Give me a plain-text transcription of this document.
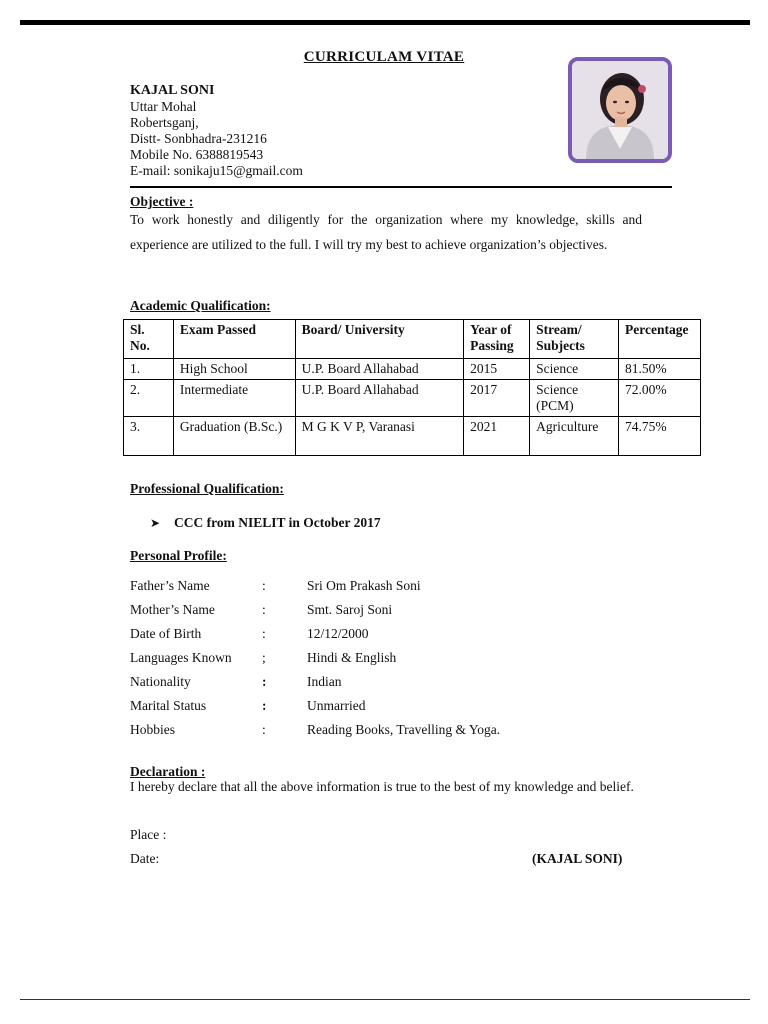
CURRICULAM VITAE
KAJAL SONI
Uttar Mohal
Robertsganj,
Distt- Sonbhadra-231216
Mobile No. 6388819543
E-mail: sonikaju15@gmail.com
Objective :
To work honestly and diligently for the organization where my knowledge, skills and experience are utilized to the full. I will try my best to achieve organization’s objectives.
Academic Qualification:
Sl. No.	Exam Passed	Board/ University	Year of Passing	Stream/ Subjects	Percentage
1.	High School	U.P. Board Allahabad	2015	Science	81.50%
2.	Intermediate	U.P. Board Allahabad	2017	Science (PCM)	72.00%
3.	Graduation (B.Sc.)	M G K V P, Varanasi	2021	Agriculture	74.75%
Professional Qualification:
➤ CCC from NIELIT in October 2017
Personal Profile:
Father’s Name	:	Sri Om Prakash Soni
Mother’s Name	:	Smt. Saroj Soni
Date of Birth	:	12/12/2000
Languages Known ;	Hindi & English
Nationality	:	Indian
Marital Status	:	Unmarried
Hobbies	:	Reading Books, Travelling & Yoga.
Declaration :
I hereby declare that all the above information is true to the best of my knowledge and belief.
Place :
Date:	(KAJAL SONI)
